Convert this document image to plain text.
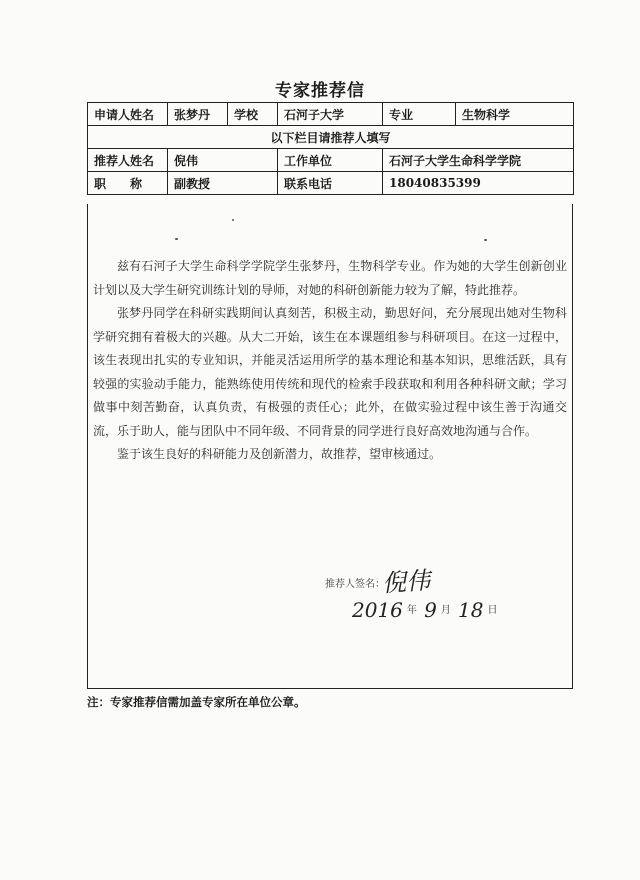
专家推荐信
申请人姓名	张梦丹	学校	石河子大学	专业	生物科学
以下栏目请推荐人填写					
推荐人姓名	倪伟		工作单位	石河子大学生命科学学院	
职　　称	副教授		联系电话	18040835399	

兹有石河子大学生命科学学院学生张梦丹，生物科学专业。作为她的大学生创新创业计划以及大学生研究训练计划的导师，对她的科研创新能力较为了解，特此推荐。

张梦丹同学在科研实践期间认真刻苦，积极主动，勤思好问，充分展现出她对生物科学研究拥有着极大的兴趣。从大二开始，该生在本课题组参与科研项目。在这一过程中，该生表现出扎实的专业知识，并能灵活运用所学的基本理论和基本知识，思维活跃，具有较强的实验动手能力，能熟练使用传统和现代的检索手段获取和利用各种科研文献；学习做事中刻苦勤奋，认真负责，有极强的责任心；此外，在做实验过程中该生善于沟通交流，乐于助人，能与团队中不同年级、不同背景的同学进行良好高效地沟通与合作。

鉴于该生良好的科研能力及创新潜力，故推荐，望审核通过。

推荐人签名：
倪伟
2016 年 9 月 18 日
注：专家推荐信需加盖专家所在单位公章。
